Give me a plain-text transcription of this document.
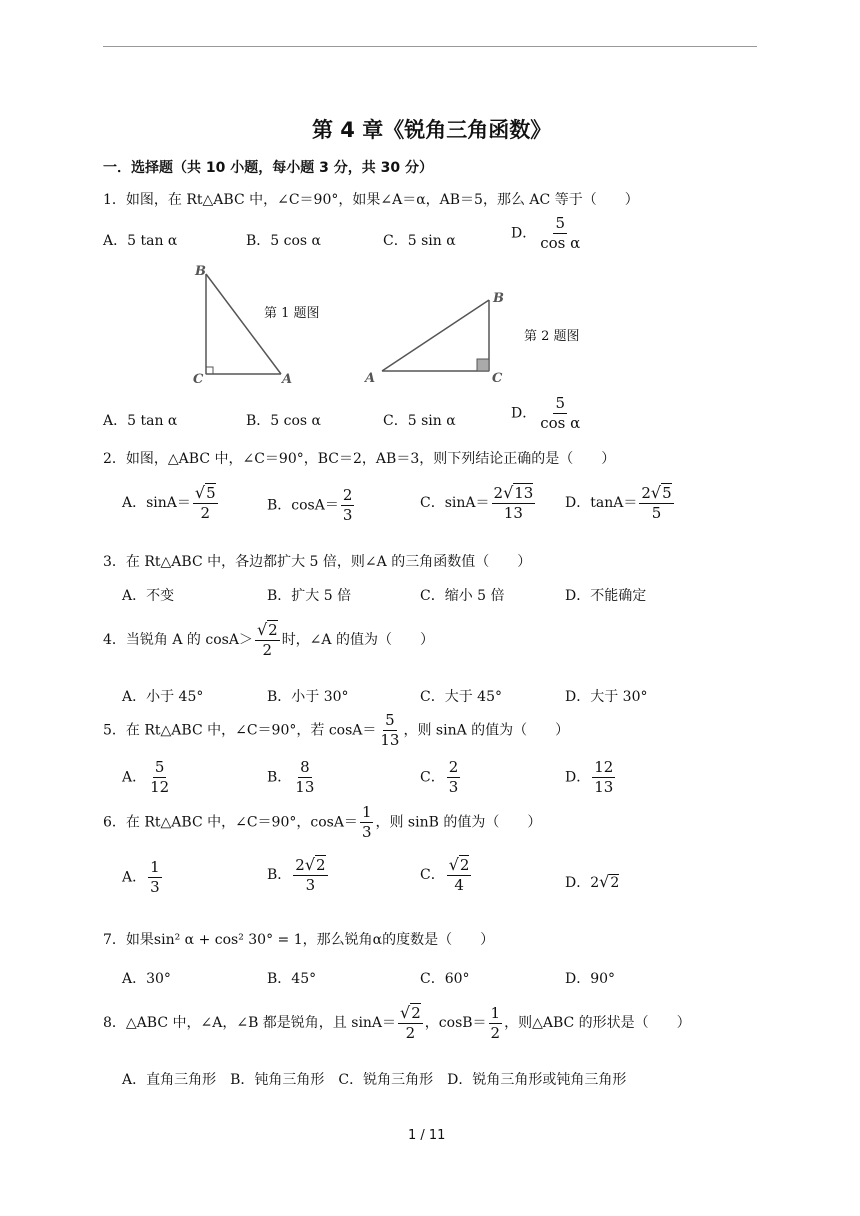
第 4 章《锐角三角函数》
一．选择题（共 10 小题，每小题 3 分，共 30 分）
1．如图，在 Rt△ABC 中，∠C＝90°，如果∠A＝α，AB＝5，那么 AC 等于（　　）
A．5 tan α	B．5 cos α	C．5 sin α	D． $\frac{5}{\text{cos α}}$
B
C	A
第 1 题图
B
A	C
第 2 题图
A．5 tan α	B．5 cos α	C．5 sin α	D． $\frac{5}{\text{cos α}}$
2．如图，△ABC 中，∠C＝90°，BC＝2，AB＝3，则下列结论正确的是（　　）
A．$\sin A= \frac{√5}{2}$	B．$\cos A= \frac{2}{3}$	C．$\sin A= \frac{2√13}{13}$ D．$\tan A= \frac{2√5}{5}$
3．在 Rt△ABC 中，各边都扩大 5 倍，则∠A 的三角函数值（　　）
A．不变	B．扩大 5 倍	C．缩小 5 倍	D．不能确定
4．当锐角 A 的 $\cos A> \frac{√2}{2}$ 时，∠A 的值为（　　）
A．小于 45°	B．小于 30°	C．大于 45°	D．大于 30°
5．在 Rt△ABC 中，∠C＝90°，若 $\cos A= \frac{5}{13}$ ，则 sinA 的值为（　　）
A． $\frac{5}{12}$	B． $\frac{8}{13}$	C． $\frac{2}{3}$	D． $\frac{12}{13}$
6．在 Rt△ABC 中，∠C＝90°，$\cos A= \frac{1}{3}$ ，则 sinB 的值为（　　）
A． $\frac{1}{3}$	B． $\frac{2√2}{3}$	C． $\frac{√2}{4}$	D．2√2
7．如果sin² α + cos² 30° = 1，那么锐角α的度数是（　　）
A．30°	B．45°	C．60°	D．90°
8．△ABC 中，∠A，∠B 都是锐角，且 $\sin A= \frac{√2}{2}$ ，$\cos B= \frac{1}{2}$ ，则△ABC 的形状是（　　）
A．直角三角形　B．钝角三角形　C．锐角三角形　D．锐角三角形或钝角三角形
1 / 11
